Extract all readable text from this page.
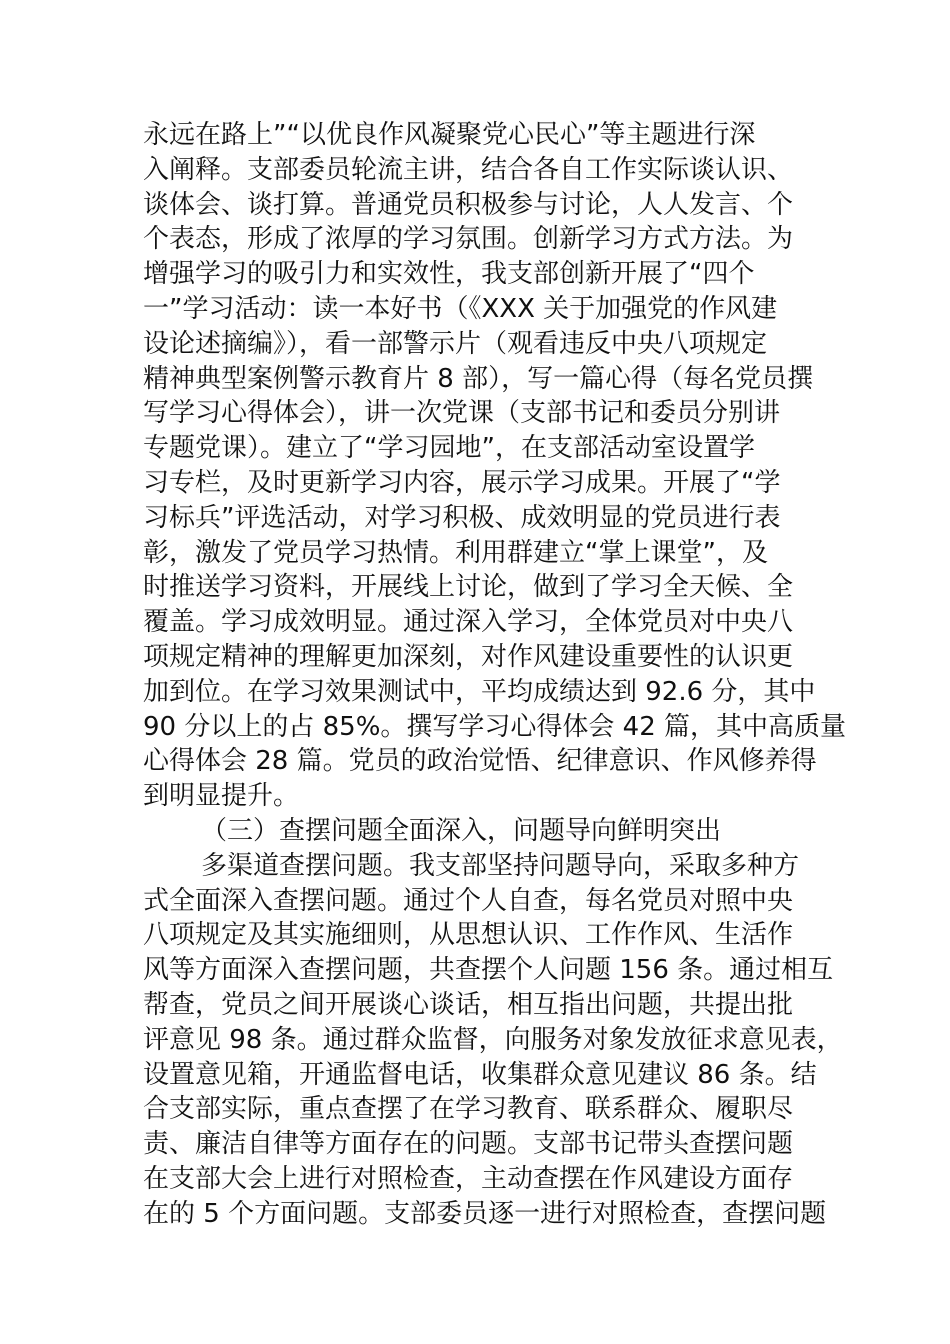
永远在路上”“以优良作风凝聚党心民心”等主题进行深
入阐释。支部委员轮流主讲，结合各自工作实际谈认识、
谈体会、谈打算。普通党员积极参与讨论，人人发言、个
个表态，形成了浓厚的学习氛围。创新学习方式方法。为
增强学习的吸引力和实效性，我支部创新开展了“四个
一”学习活动：读一本好书（《XXX 关于加强党的作风建
设论述摘编》），看一部警示片（观看违反中央八项规定
精神典型案例警示教育片 8 部），写一篇心得（每名党员撰
写学习心得体会），讲一次党课（支部书记和委员分别讲
专题党课）。建立了“学习园地”，在支部活动室设置学
习专栏，及时更新学习内容，展示学习成果。开展了“学
习标兵”评选活动，对学习积极、成效明显的党员进行表
彰，激发了党员学习热情。利用群建立“掌上课堂”，及
时推送学习资料，开展线上讨论，做到了学习全天候、全
覆盖。学习成效明显。通过深入学习，全体党员对中央八
项规定精神的理解更加深刻，对作风建设重要性的认识更
加到位。在学习效果测试中，平均成绩达到 92.6 分，其中
90 分以上的占 85%。撰写学习心得体会 42 篇，其中高质量
心得体会 28 篇。党员的政治觉悟、纪律意识、作风修养得
到明显提升。
（三）查摆问题全面深入，问题导向鲜明突出
多渠道查摆问题。我支部坚持问题导向，采取多种方
式全面深入查摆问题。通过个人自查，每名党员对照中央
八项规定及其实施细则，从思想认识、工作作风、生活作
风等方面深入查摆问题，共查摆个人问题 156 条。通过相互
帮查，党员之间开展谈心谈话，相互指出问题，共提出批
评意见 98 条。通过群众监督，向服务对象发放征求意见表，
设置意见箱，开通监督电话，收集群众意见建议 86 条。结
合支部实际，重点查摆了在学习教育、联系群众、履职尽
责、廉洁自律等方面存在的问题。支部书记带头查摆问题
在支部大会上进行对照检查，主动查摆在作风建设方面存
在的 5 个方面问题。支部委员逐一进行对照检查，查摆问题
